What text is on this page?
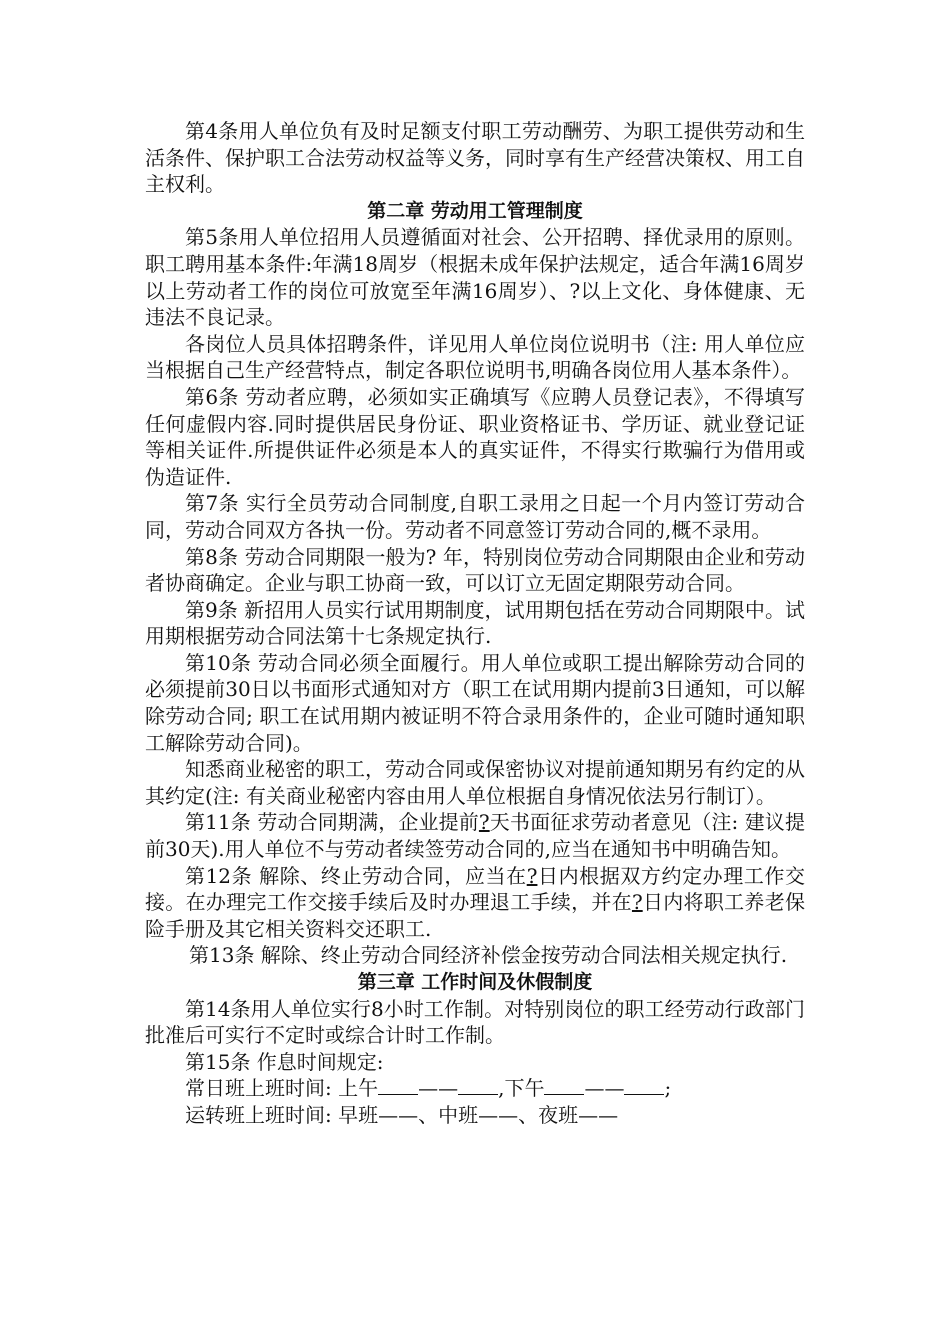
第4条用人单位负有及时足额支付职工劳动酬劳、为职工提供劳动和生活条件、保护职工合法劳动权益等义务，同时享有生产经营决策权、用工自主权利。

第二章 劳动用工管理制度

第5条用人单位招用人员遵循面对社会、公开招聘、择优录用的原则。职工聘用基本条件:年满18周岁（根据未成年保护法规定，适合年满16周岁以上劳动者工作的岗位可放宽至年满16周岁）、?以上文化、身体健康、无违法不良记录。

各岗位人员具体招聘条件，详见用人单位岗位说明书（注: 用人单位应当根据自己生产经营特点，制定各职位说明书,明确各岗位用人基本条件）。

第6条 劳动者应聘，必须如实正确填写《应聘人员登记表》，不得填写任何虚假内容.同时提供居民身份证、职业资格证书、学历证、就业登记证等相关证件.所提供证件必须是本人的真实证件，不得实行欺骗行为借用或伪造证件.

第7条 实行全员劳动合同制度,自职工录用之日起一个月内签订劳动合同，劳动合同双方各执一份。劳动者不同意签订劳动合同的,概不录用。

第8条 劳动合同期限一般为? 年，特别岗位劳动合同期限由企业和劳动者协商确定。企业与职工协商一致，可以订立无固定期限劳动合同。

第9条 新招用人员实行试用期制度，试用期包括在劳动合同期限中。试用期根据劳动合同法第十七条规定执行.

第10条 劳动合同必须全面履行。用人单位或职工提出解除劳动合同的必须提前30日以书面形式通知对方（职工在试用期内提前3日通知，可以解除劳动合同; 职工在试用期内被证明不符合录用条件的，企业可随时通知职工解除劳动合同)。

知悉商业秘密的职工，劳动合同或保密协议对提前通知期另有约定的从其约定(注: 有关商业秘密内容由用人单位根据自身情况依法另行制订）。

第11条 劳动合同期满，企业提前?天书面征求劳动者意见（注: 建议提前30天).用人单位不与劳动者续签劳动合同的,应当在通知书中明确告知。

第12条 解除、终止劳动合同，应当在?日内根据双方约定办理工作交接。在办理完工作交接手续后及时办理退工手续，并在?日内将职工养老保险手册及其它相关资料交还职工.

第13条 解除、终止劳动合同经济补偿金按劳动合同法相关规定执行.

第三章 工作时间及休假制度

第14条用人单位实行8小时工作制。对特别岗位的职工经劳动行政部门批准后可实行不定时或综合计时工作制。

第15条 作息时间规定:

常日班上班时间: 上午 —— ,下午 —— ;

运转班上班时间: 早班——、中班——、夜班——
